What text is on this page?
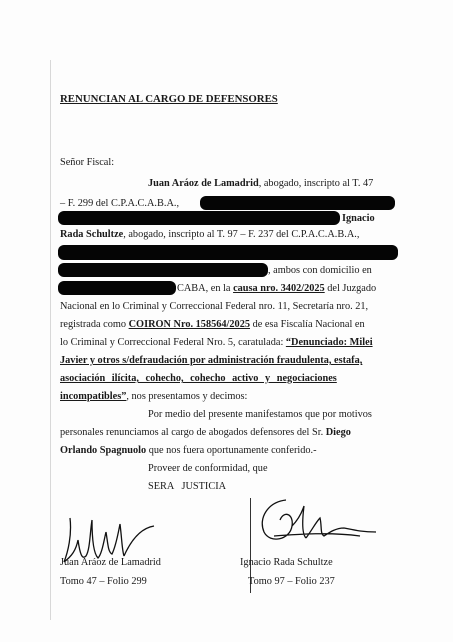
RENUNCIAN AL CARGO DE DEFENSORES
Señor Fiscal:
Juan Aráoz de Lamadrid, abogado, inscripto al T. 47
– F. 299 del C.P.A.C.A.B.A.,
Ignacio
Rada Schultze, abogado, inscripto al T. 97 – F. 237 del C.P.A.C.A.B.A.,
, ambos con domicilio en
CABA, en la causa nro. 3402/2025 del Juzgado
Nacional en lo Criminal y Correccional Federal nro. 11, Secretaría nro. 21,
registrada como COIRON Nro. 158564/2025 de esa Fiscalía Nacional en
lo Criminal y Correccional Federal Nro. 5, caratulada: “Denunciado: Milei
Javier y otros s/defraudación por administración fraudulenta, estafa,
asociación ilícita, cohecho, cohecho activo y negociaciones
incompatibles”, nos presentamos y decimos:
Por medio del presente manifestamos que por motivos
personales renunciamos al cargo de abogados defensores del Sr. Diego
Orlando Spagnuolo que nos fuera oportunamente conferido.-
Proveer de conformidad, que
SERA   JUSTICIA
Juan Aráoz de Lamadrid
Tomo 47 – Folio 299
Ignacio Rada Schultze
Tomo 97 – Folio 237
